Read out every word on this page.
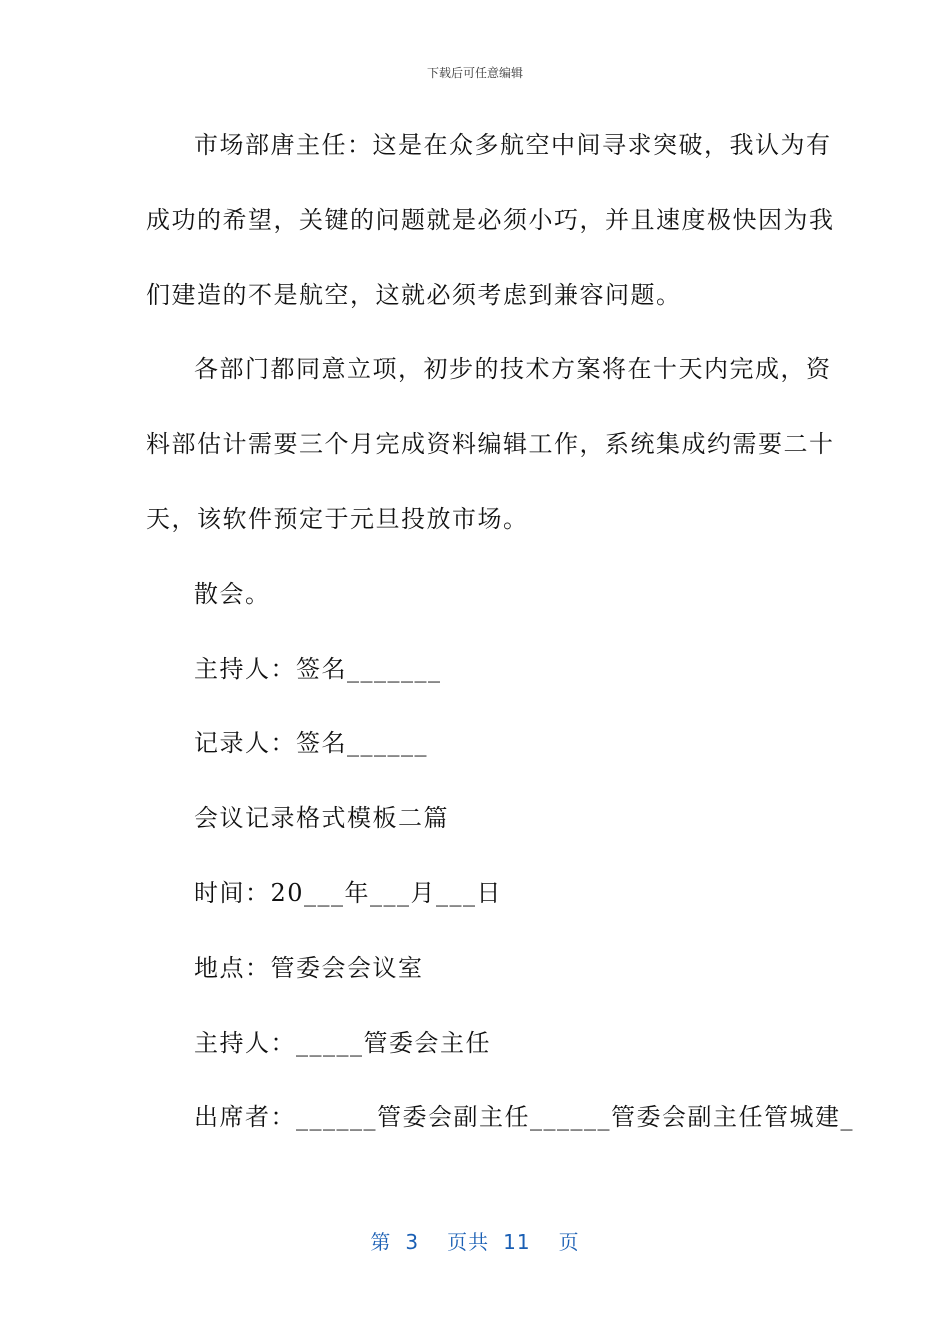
下载后可任意编辑
市场部唐主任：这是在众多航空中间寻求突破，我认为有
成功的希望，关键的问题就是必须小巧，并且速度极快因为我
们建造的不是航空，这就必须考虑到兼容问题。
各部门都同意立项，初步的技术方案将在十天内完成，资
料部估计需要三个月完成资料编辑工作，系统集成约需要二十
天，该软件预定于元旦投放市场。
散会。
主持人：签名_______
记录人：签名______
会议记录格式模板二篇
时间：20___年___月___日
地点：管委会会议室
主持人：_____管委会主任
出席者：______管委会副主任______管委会副主任管城建_
第 3 页共 11 页
